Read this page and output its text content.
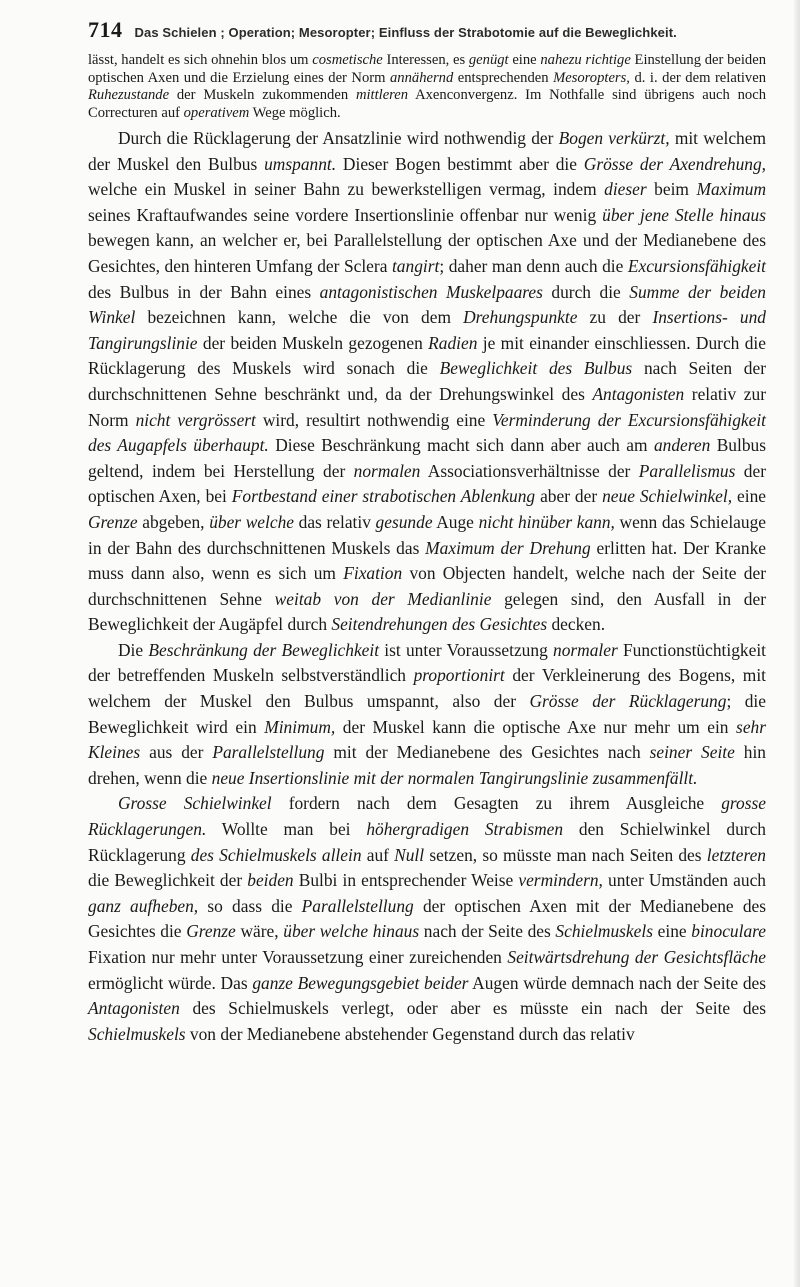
714 Das Schielen ; Operation; Mesoropter; Einfluss der Strabotomie auf die Beweglichkeit.

lässt, handelt es sich ohnehin blos um cosmetische Interessen, es genügt eine nahezu richtige Einstellung der beiden optischen Axen und die Erzielung eines der Norm annähernd entsprechenden Mesoropters, d. i. der dem relativen Ruhezustande der Muskeln zukommenden mittleren Axenconvergenz. Im Nothfalle sind übrigens auch noch Correcturen auf operativem Wege möglich.

Durch die Rücklagerung der Ansatzlinie wird nothwendig der Bogen verkürzt, mit welchem der Muskel den Bulbus umspannt. Dieser Bogen bestimmt aber die Grösse der Axendrehung, welche ein Muskel in seiner Bahn zu bewerkstelligen vermag, indem dieser beim Maximum seines Kraftaufwandes seine vordere Insertionslinie offenbar nur wenig über jene Stelle hinaus bewegen kann, an welcher er, bei Parallelstellung der optischen Axe und der Medianebene des Gesichtes, den hinteren Umfang der Sclera tangirt; daher man denn auch die Excursionsfähigkeit des Bulbus in der Bahn eines antagonistischen Muskelpaares durch die Summe der beiden Winkel bezeichnen kann, welche die von dem Drehungspunkte zu der Insertions- und Tangirungslinie der beiden Muskeln gezogenen Radien je mit einander einschliessen. Durch die Rücklagerung des Muskels wird sonach die Beweglichkeit des Bulbus nach Seiten der durchschnittenen Sehne beschränkt und, da der Drehungswinkel des Antagonisten relativ zur Norm nicht vergrössert wird, resultirt nothwendig eine Verminderung der Excursionsfähigkeit des Augapfels überhaupt. Diese Beschränkung macht sich dann aber auch am anderen Bulbus geltend, indem bei Herstellung der normalen Associationsverhältnisse der Parallelismus der optischen Axen, bei Fortbestand einer strabotischen Ablenkung aber der neue Schielwinkel, eine Grenze abgeben, über welche das relativ gesunde Auge nicht hinüber kann, wenn das Schielauge in der Bahn des durchschnittenen Muskels das Maximum der Drehung erlitten hat. Der Kranke muss dann also, wenn es sich um Fixation von Objecten handelt, welche nach der Seite der durchschnittenen Sehne weitab von der Medianlinie gelegen sind, den Ausfall in der Beweglichkeit der Augäpfel durch Seitendrehungen des Gesichtes decken.

Die Beschränkung der Beweglichkeit ist unter Voraussetzung normaler Functionstüchtigkeit der betreffenden Muskeln selbstverständlich proportionirt der Verkleinerung des Bogens, mit welchem der Muskel den Bulbus umspannt, also der Grösse der Rücklagerung; die Beweglichkeit wird ein Minimum, der Muskel kann die optische Axe nur mehr um ein sehr Kleines aus der Parallelstellung mit der Medianebene des Gesichtes nach seiner Seite hin drehen, wenn die neue Insertionslinie mit der normalen Tangirungslinie zusammenfällt.

Grosse Schielwinkel fordern nach dem Gesagten zu ihrem Ausgleiche grosse Rücklagerungen. Wollte man bei höhergradigen Strabismen den Schielwinkel durch Rücklagerung des Schielmuskels allein auf Null setzen, so müsste man nach Seiten des letzteren die Beweglichkeit der beiden Bulbi in entsprechender Weise vermindern, unter Umständen auch ganz aufheben, so dass die Parallelstellung der optischen Axen mit der Medianebene des Gesichtes die Grenze wäre, über welche hinaus nach der Seite des Schielmuskels eine binoculare Fixation nur mehr unter Voraussetzung einer zureichenden Seitwärtsdrehung der Gesichtsfläche ermöglicht würde. Das ganze Bewegungsgebiet beider Augen würde demnach nach der Seite des Antagonisten des Schielmuskels verlegt, oder aber es müsste ein nach der Seite des Schielmuskels von der Medianebene abstehender Gegenstand durch das relativ
